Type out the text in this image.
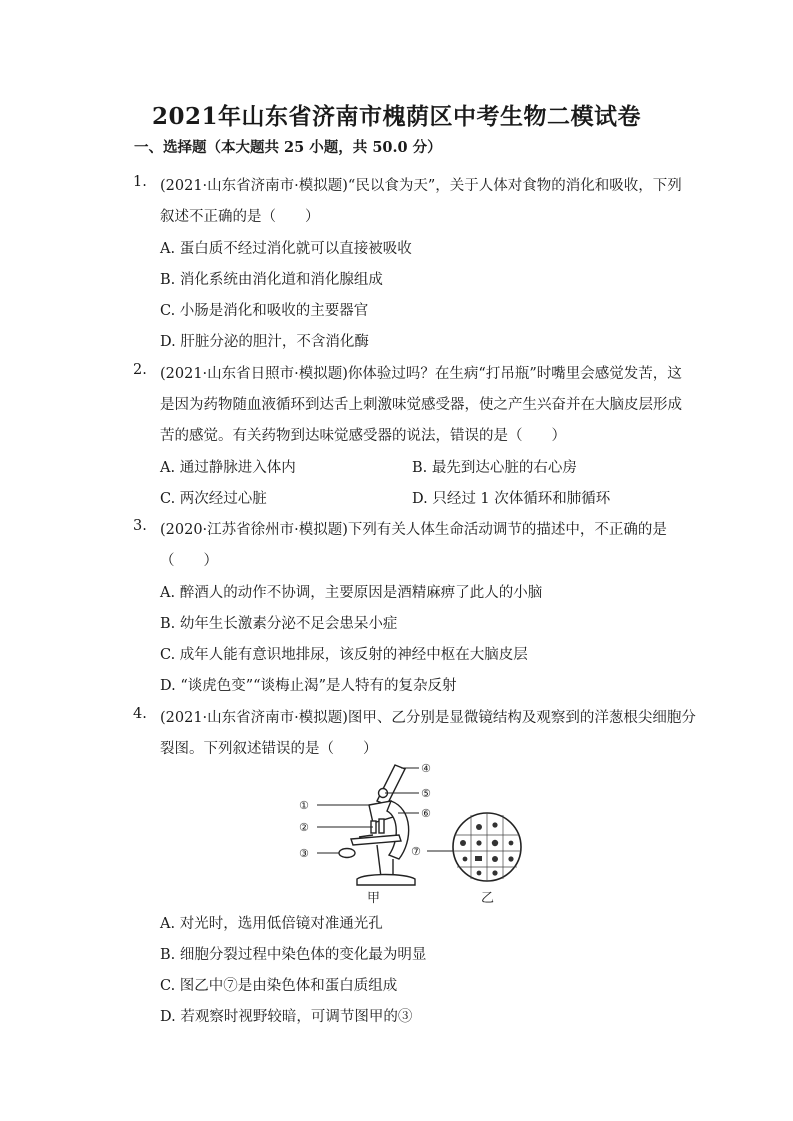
2021年山东省济南市槐荫区中考生物二模试卷
一、选择题（本大题共 25 小题，共 50.0 分）
1. (2021·山东省济南市·模拟题)“民以食为天”，关于人体对食物的消化和吸收，下列
叙述不正确的是（　　）
A. 蛋白质不经过消化就可以直接被吸收
B. 消化系统由消化道和消化腺组成
C. 小肠是消化和吸收的主要器官
D. 肝脏分泌的胆汁，不含消化酶
2. (2021·山东省日照市·模拟题)你体验过吗？在生病“打吊瓶”时嘴里会感觉发苦，这
是因为药物随血液循环到达舌上刺激味觉感受器，使之产生兴奋并在大脑皮层形成
苦的感觉。有关药物到达味觉感受器的说法，错误的是（　　）
A. 通过静脉进入体内	B. 最先到达心脏的右心房
C. 两次经过心脏	D. 只经过 1 次体循环和肺循环
3. (2020·江苏省徐州市·模拟题)下列有关人体生命活动调节的描述中，不正确的是
（　　）
A. 醉酒人的动作不协调，主要原因是酒精麻痹了此人的小脑
B. 幼年生长激素分泌不足会患呆小症
C. 成年人能有意识地排尿，该反射的神经中枢在大脑皮层
D. “谈虎色变”“谈梅止渴”是人特有的复杂反射
4. (2021·山东省济南市·模拟题)图甲、乙分别是显微镜结构及观察到的洋葱根尖细胞分
裂图。下列叙述错误的是（　　）
①
②
③
④
⑤
⑥
⑦
甲	乙
A. 对光时，选用低倍镜对准通光孔
B. 细胞分裂过程中染色体的变化最为明显
C. 图乙中⑦是由染色体和蛋白质组成
D. 若观察时视野较暗，可调节图甲的③
